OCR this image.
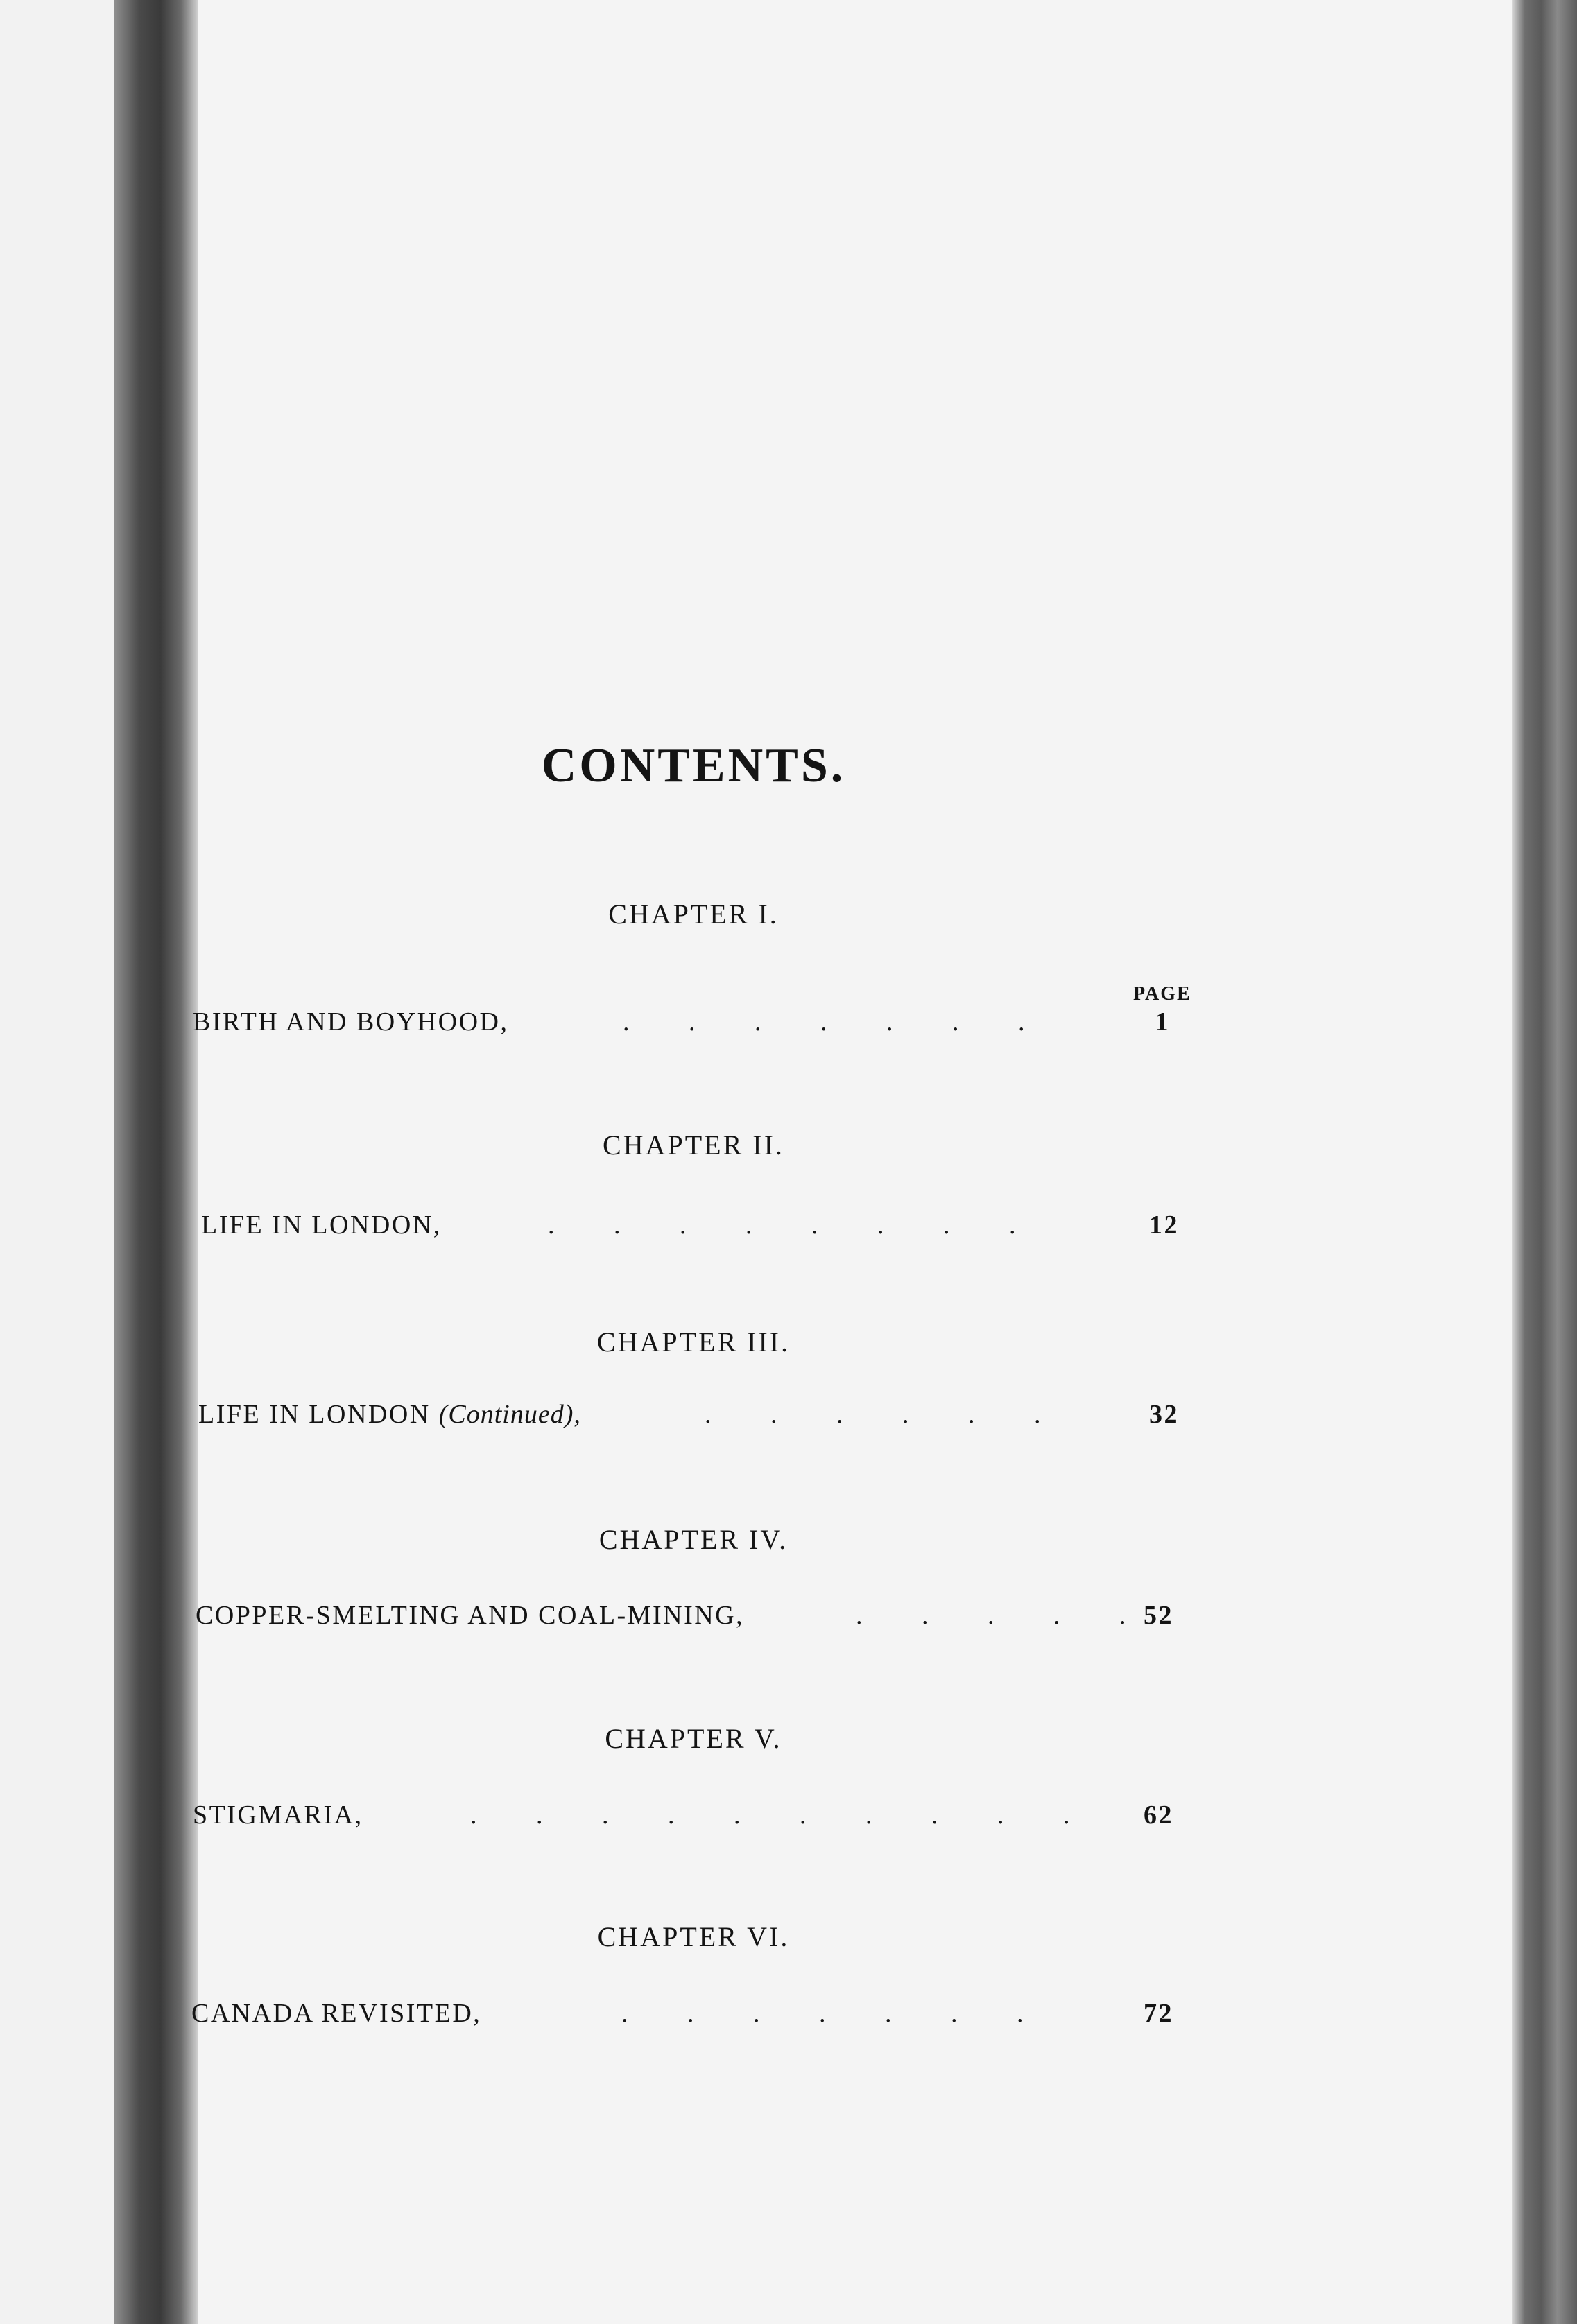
CONTENTS.
PAGE
CHAPTER I.
BIRTH AND BOYHOOD,	.         .         .         .         .         .         .	1
CHAPTER II.
LIFE IN LONDON,	.         .         .         .         .         .         .         .	12
CHAPTER III.
LIFE IN LONDON (Continued),	.         .         .         .         .         .	32
CHAPTER IV.
COPPER-SMELTING AND COAL-MINING,	.         .         .         .         . 52
CHAPTER V.
STIGMARIA,	.         .         .         .         .         .         .         .         .         .	62
CHAPTER VI.
CANADA REVISITED,	.         .         .         .         .         .         .	72
